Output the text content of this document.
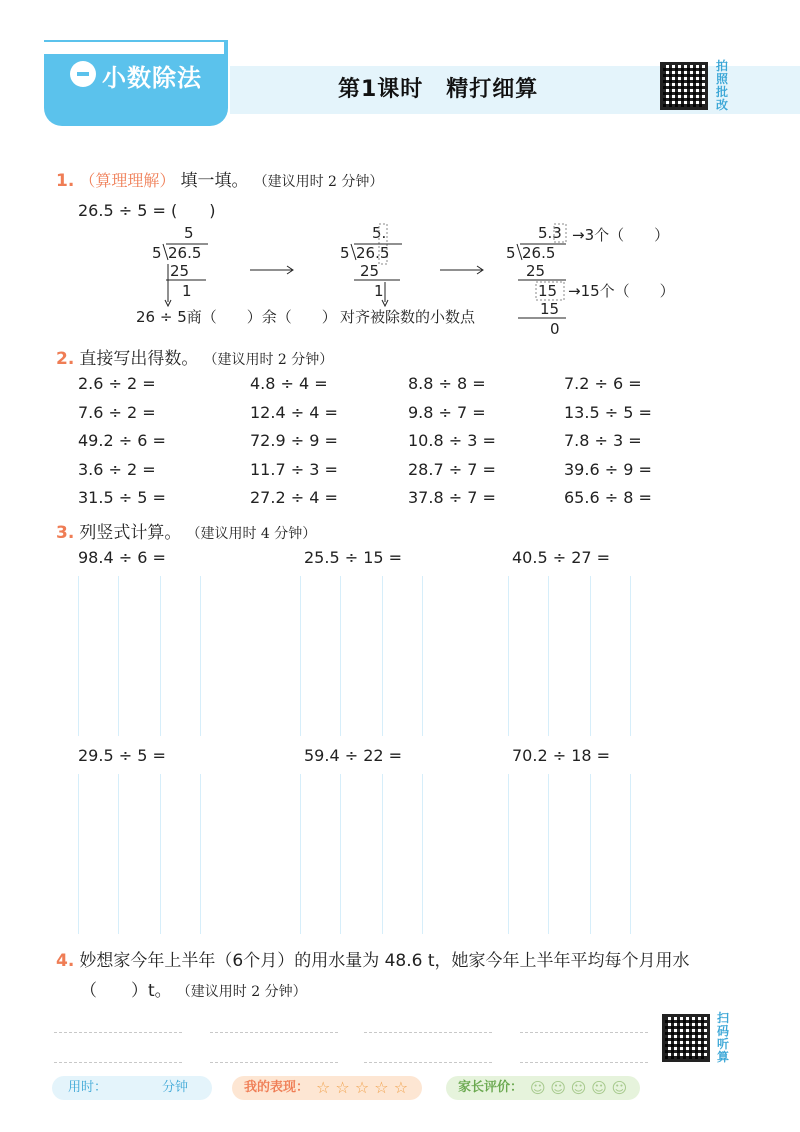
小数除法	第1课时　精打细算
拍照批改
1. （算理理解） 填一填。 （建议用时 2 分钟）
26.5 ÷ 5 = (　　)
5
5 26.5
25
1
5.
5 26.5
25
1
5.3 →3个（　　）
5 26.5
25
15 →15个（　　）
15
0
26 ÷ 5商（　　）余（　　） 对齐被除数的小数点
2. 直接写出得数。 （建议用时 2 分钟）
2.6 ÷ 2 =	4.8 ÷ 4 =	8.8 ÷ 8 =	7.2 ÷ 6 =
7.6 ÷ 2 =	12.4 ÷ 4 =	9.8 ÷ 7 =	13.5 ÷ 5 =
49.2 ÷ 6 =	72.9 ÷ 9 =	10.8 ÷ 3 =	7.8 ÷ 3 =
3.6 ÷ 2 =	11.7 ÷ 3 =	28.7 ÷ 7 =	39.6 ÷ 9 =
31.5 ÷ 5 =	27.2 ÷ 4 =	37.8 ÷ 7 =	65.6 ÷ 8 =
3. 列竖式计算。 （建议用时 4 分钟）
98.4 ÷ 6 =	25.5 ÷ 15 =	40.5 ÷ 27 =
29.5 ÷ 5 =	59.4 ÷ 22 =	70.2 ÷ 18 =
4. 妙想家今年上半年（6个月）的用水量为 48.6 t，她家今年上半年平均每个月用水
（　　）t。 （建议用时 2 分钟）
扫码听算
用时：	分钟	我的表现： ☆ ☆ ☆ ☆ ☆	家长评价： ☺ ☺ ☺ ☺ ☺
